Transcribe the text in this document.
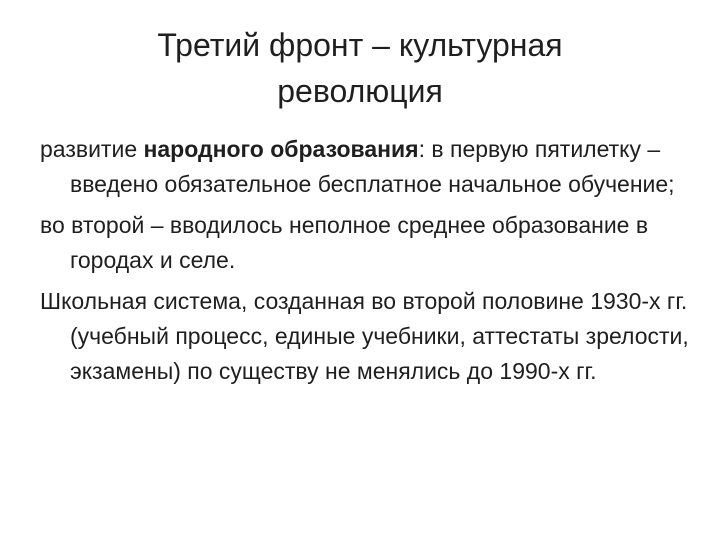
Третий фронт – культурная
революция

развитие народного образования: в первую пятилетку – введено обязательное бесплатное начальное обучение;

во второй – вводилось неполное среднее образование в городах и селе.

Школьная система, созданная во второй половине 1930-х гг. (учебный процесс, единые учебники, аттестаты зрелости, экзамены) по существу не менялись до 1990-х гг.
